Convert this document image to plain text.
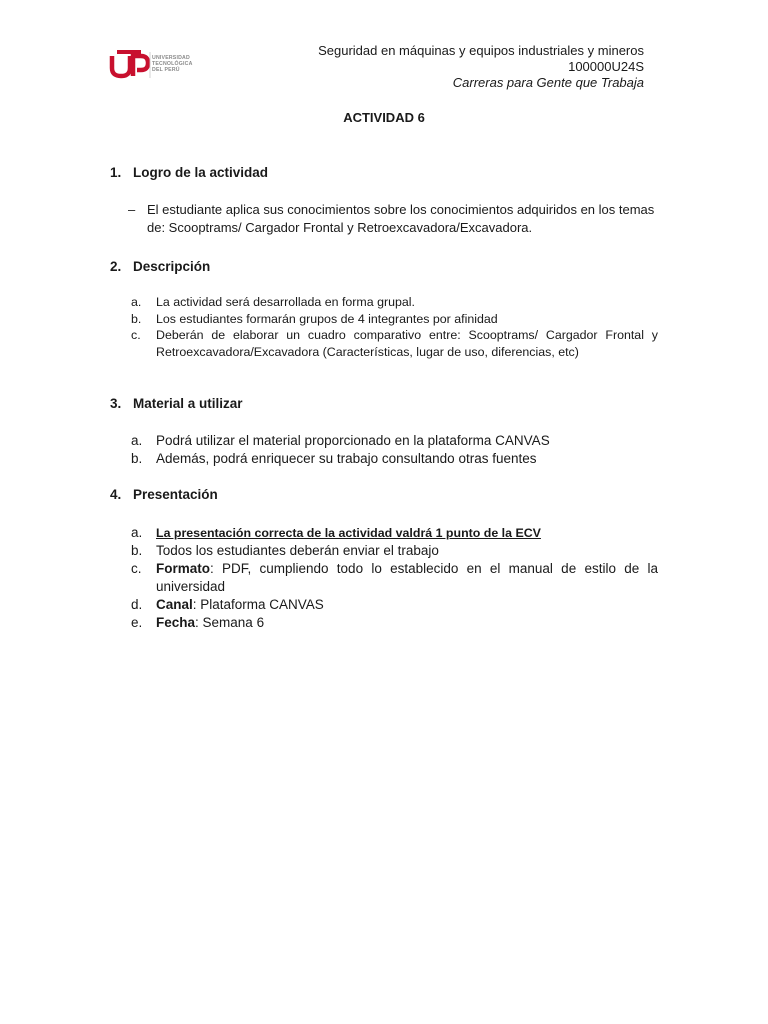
UNIVERSIDAD
TECNOLÓGICA
DEL PERÚ
Seguridad en máquinas y equipos industriales y mineros
100000U24S
Carreras para Gente que Trabaja
ACTIVIDAD 6
1. Logro de la actividad
– El estudiante aplica sus conocimientos sobre los conocimientos adquiridos en los temas de: Scooptrams/ Cargador Frontal y Retroexcavadora/Excavadora.
2. Descripción
a.	La actividad será desarrollada en forma grupal.
b.	Los estudiantes formarán grupos de 4 integrantes por afinidad
c.	Deberán de elaborar un cuadro comparativo entre: Scooptrams/ Cargador Frontal y Retroexcavadora/Excavadora (Características, lugar de uso, diferencias, etc)
3. Material a utilizar
a.	Podrá utilizar el material proporcionado en la plataforma CANVAS
b.	Además, podrá enriquecer su trabajo consultando otras fuentes
4. Presentación
a.	La presentación correcta de la actividad valdrá 1 punto de la ECV
b.	Todos los estudiantes deberán enviar el trabajo
c.	Formato: PDF, cumpliendo todo lo establecido en el manual de estilo de la universidad
d.	Canal: Plataforma CANVAS
e.	Fecha: Semana 6
